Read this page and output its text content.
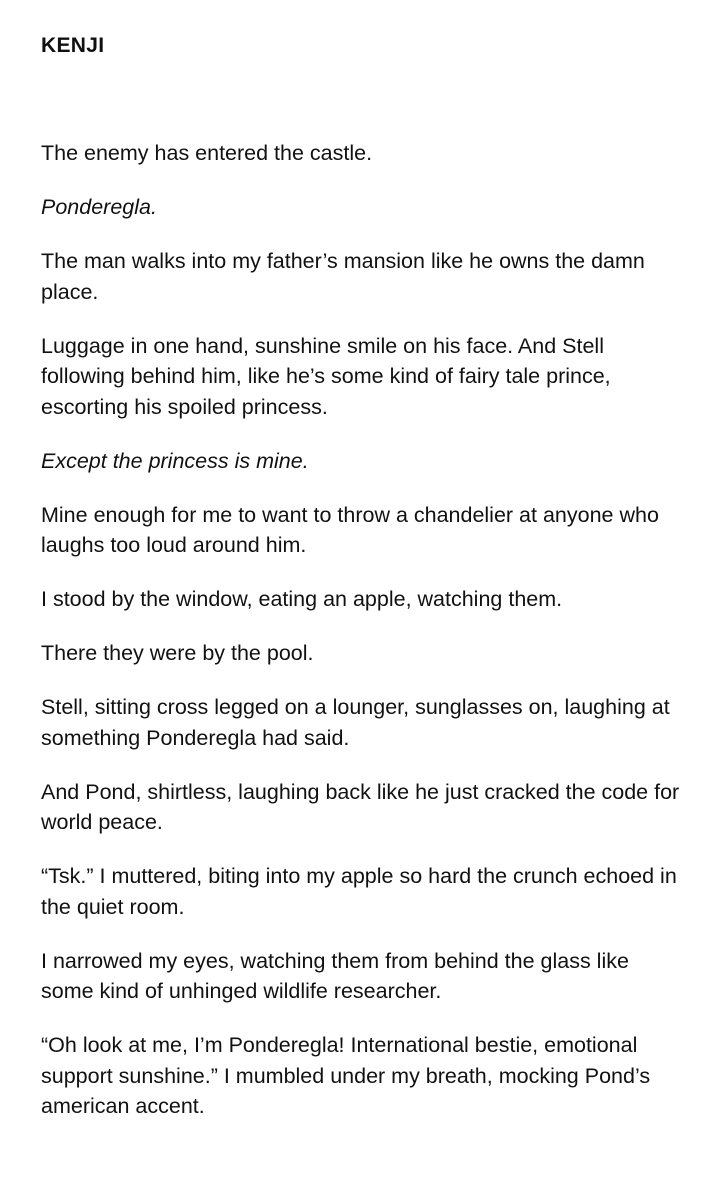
KENJI

The enemy has entered the castle.

Ponderegla.

The man walks into my father’s mansion like he owns the damn place.

Luggage in one hand, sunshine smile on his face. And Stell following behind him, like he’s some kind of fairy tale prince, escorting his spoiled princess.

Except the princess is mine.

Mine enough for me to want to throw a chandelier at anyone who laughs too loud around him.

I stood by the window, eating an apple, watching them.

There they were by the pool.

Stell, sitting cross legged on a lounger, sunglasses on, laughing at something Ponderegla had said.

And Pond, shirtless, laughing back like he just cracked the code for world peace.

“Tsk.” I muttered, biting into my apple so hard the crunch echoed in the quiet room.

I narrowed my eyes, watching them from behind the glass like some kind of unhinged wildlife researcher.

“Oh look at me, I’m Ponderegla! International bestie, emotional support sunshine.” I mumbled under my breath, mocking Pond’s american accent.
